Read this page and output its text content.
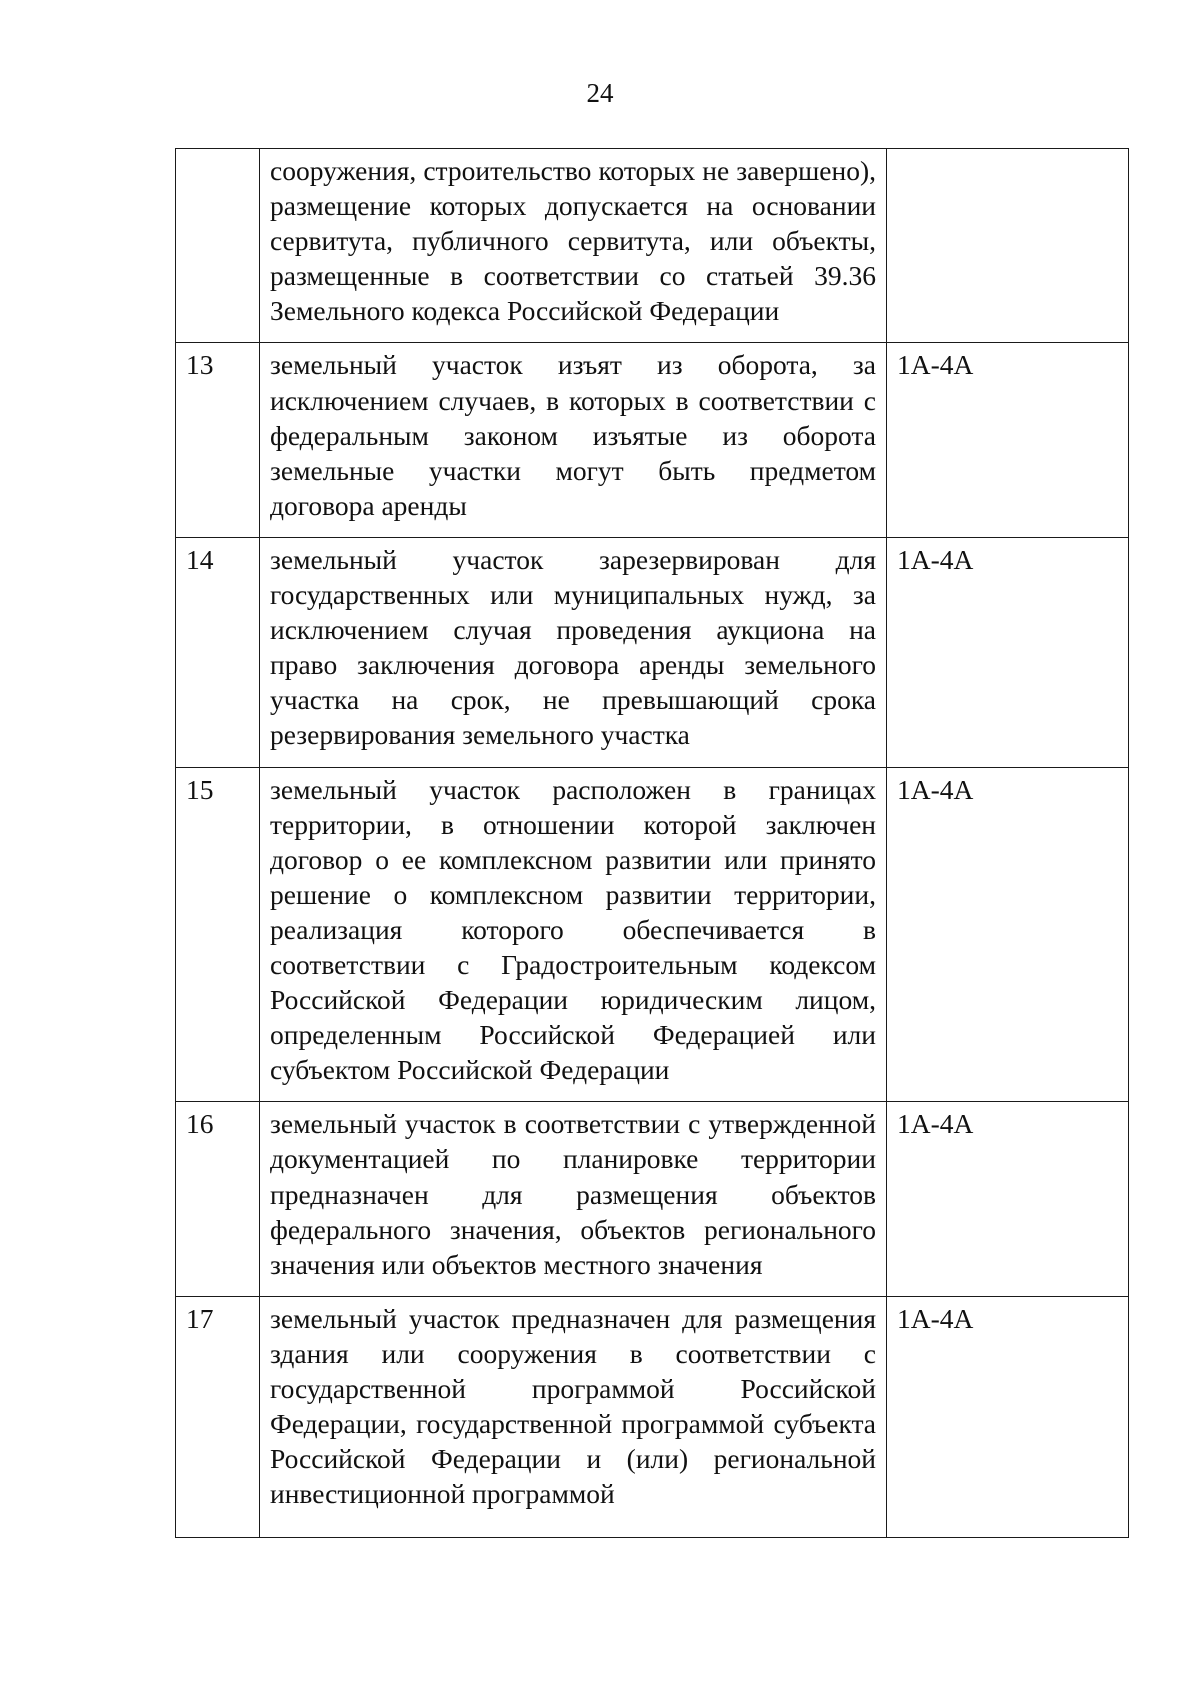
24
	сооружения, строительство которых не завершено), размещение которых допускается на основании сервитута, публичного сервитута, или объекты, размещенные в соответствии со статьей 39.36 Земельного кодекса Российской Федерации	
13	земельный участок изъят из оборота, за исключением случаев, в которых в соответствии с федеральным законом изъятые из оборота земельные участки могут быть предметом договора аренды	1А-4А
14	земельный участок зарезервирован для государственных или муниципальных нужд, за исключением случая проведения аукциона на право заключения договора аренды земельного участка на срок, не превышающий срока резервирования земельного участка	1А-4А
15	земельный участок расположен в границах территории, в отношении которой заключен договор о ее комплексном развитии или принято решение о комплексном развитии территории, реализация которого обеспечивается в соответствии с Градостроительным кодексом Российской Федерации юридическим лицом, определенным Российской Федерацией или субъектом Российской Федерации	1А-4А
16	земельный участок в соответствии с утвержденной документацией по планировке территории предназначен для размещения объектов федерального значения, объектов регионального значения или объектов местного значения	1А-4А
17	земельный участок предназначен для размещения здания или сооружения в соответствии с государственной программой Российской Федерации, государственной программой субъекта Российской Федерации и (или) региональной инвестиционной программой	1А-4А
